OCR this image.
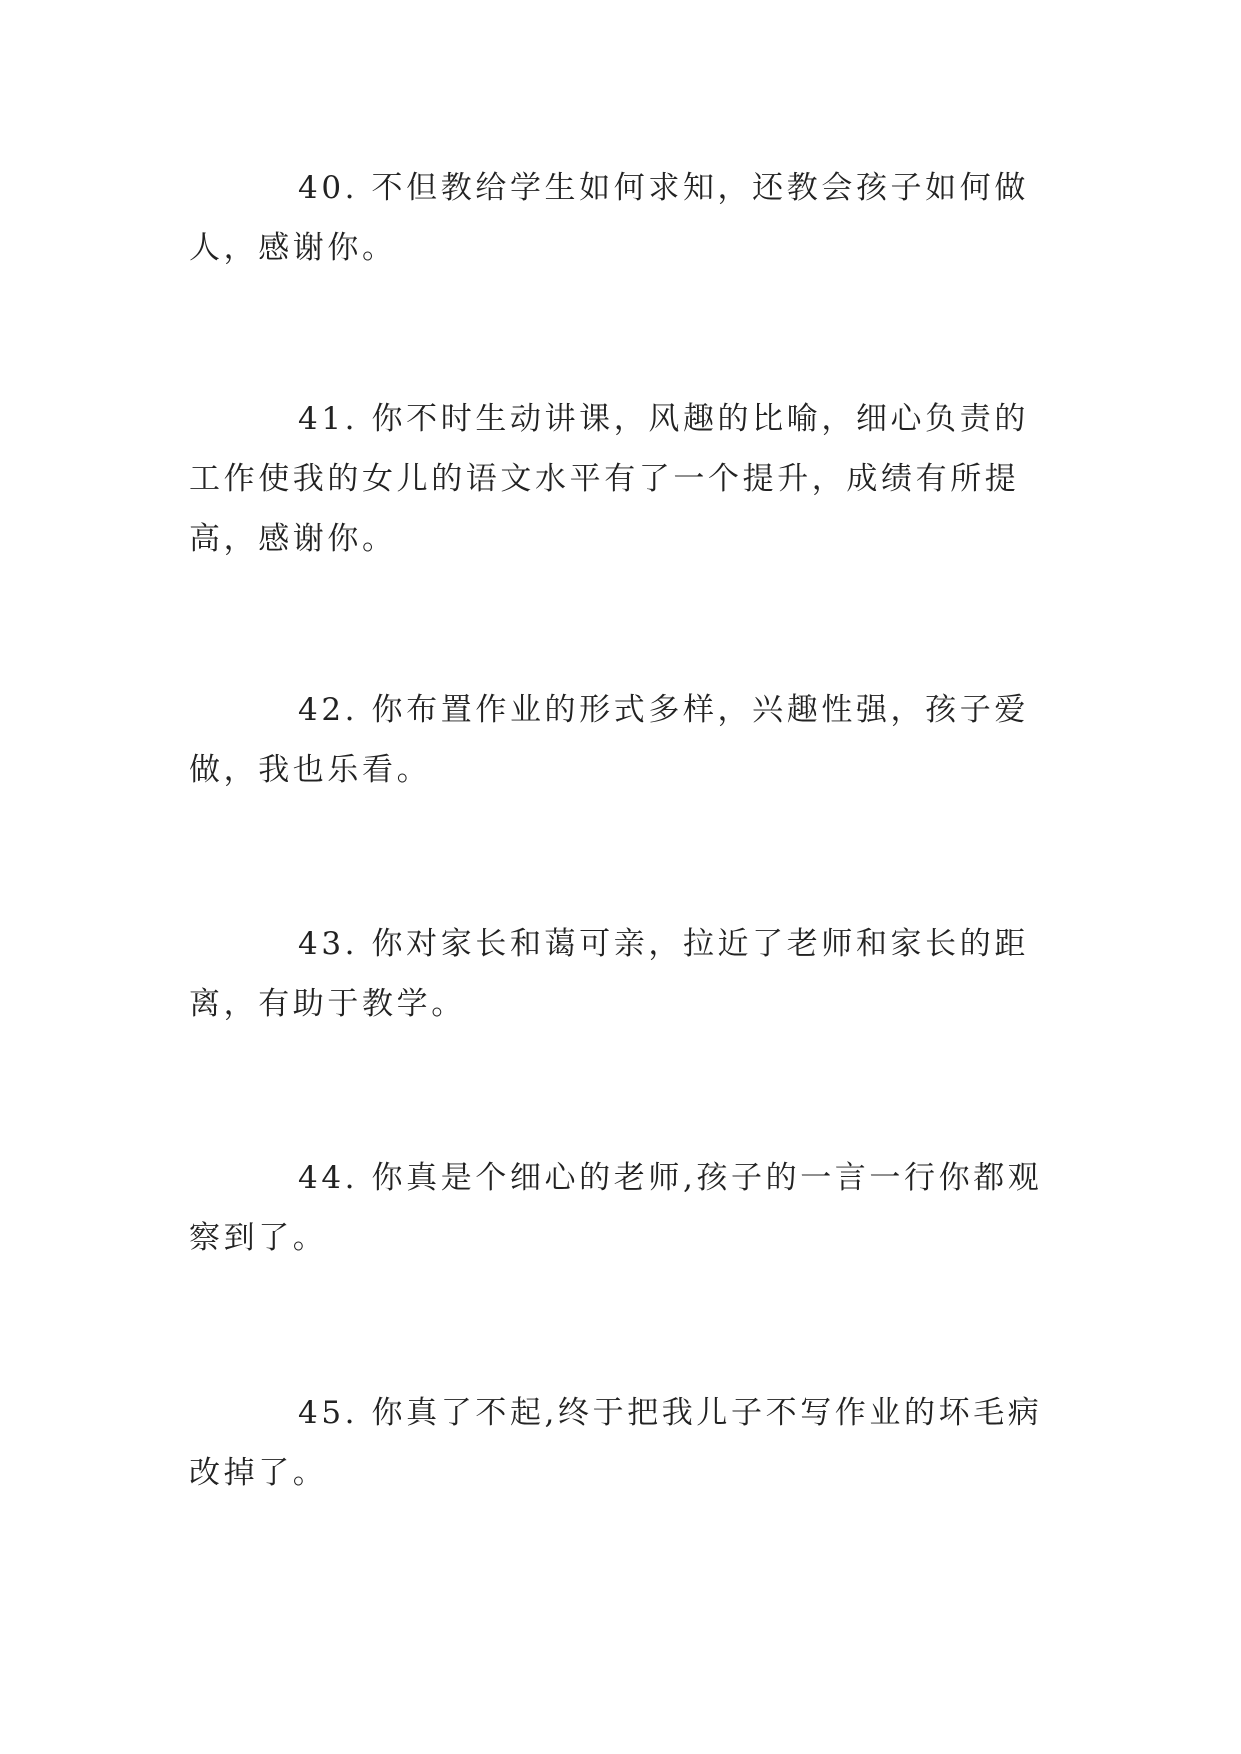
40. 不但教给学生如何求知，还教会孩子如何做人，感谢你。

41. 你不时生动讲课，风趣的比喻，细心负责的工作使我的女儿的语文水平有了一个提升，成绩有所提高，感谢你。

42. 你布置作业的形式多样，兴趣性强，孩子爱做，我也乐看。

43. 你对家长和蔼可亲，拉近了老师和家长的距离，有助于教学。

44. 你真是个细心的老师,孩子的一言一行你都观察到了。

45. 你真了不起,终于把我儿子不写作业的坏毛病改掉了。
